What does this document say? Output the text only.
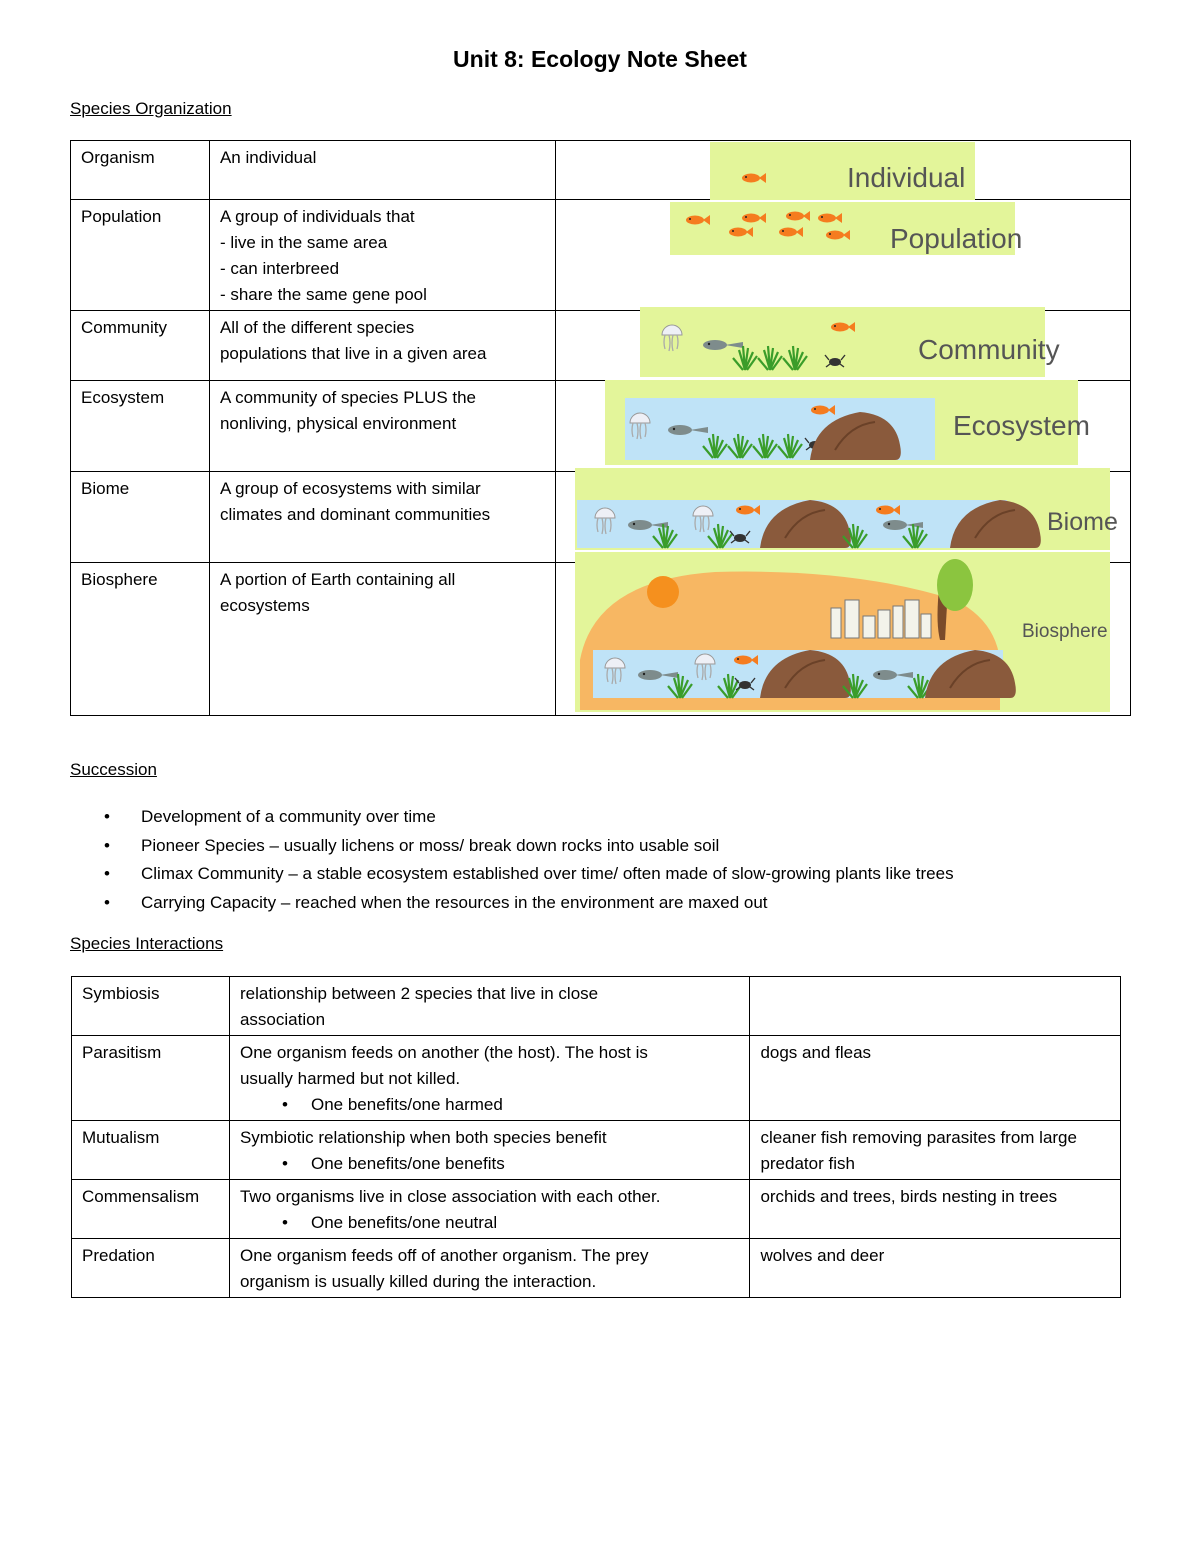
Unit 8: Ecology Note Sheet
Species Organization
Organism	An individual	

Population	A group of individuals that
- live in the same area
- can interbreed
- share the same gene pool	

Community	All of the different species
populations that live in a given area	

Ecosystem	A community of species PLUS the
nonliving, physical environment	

Biome	A group of ecosystems with similar
climates and dominant communities	

Biosphere	A portion of Earth containing all
ecosystems	

Individual
Population
Community
Ecosystem
Biome
Biosphere
Succession
• Development of a community over time
• Pioneer Species – usually lichens or moss/ break down rocks into usable soil
• Climax Community – a stable ecosystem established over time/ often made of slow-growing plants like trees
• Carrying Capacity – reached when the resources in the environment are maxed out
Species Interactions
Symbiosis	relationship between 2 species that live in close
association	

Parasitism	One organism feeds on another (the host). The host is
usually harmed but not killed.
• One benefits/one harmed	dogs and fleas
Mutualism	Symbiotic relationship when both species benefit
• One benefits/one benefits	cleaner fish removing parasites from large predator fish
Commensalism	Two organisms live in close association with each other.
• One benefits/one neutral	orchids and trees, birds nesting in trees
Predation	One organism feeds off of another organism. The prey
organism is usually killed during the interaction.	wolves and deer
